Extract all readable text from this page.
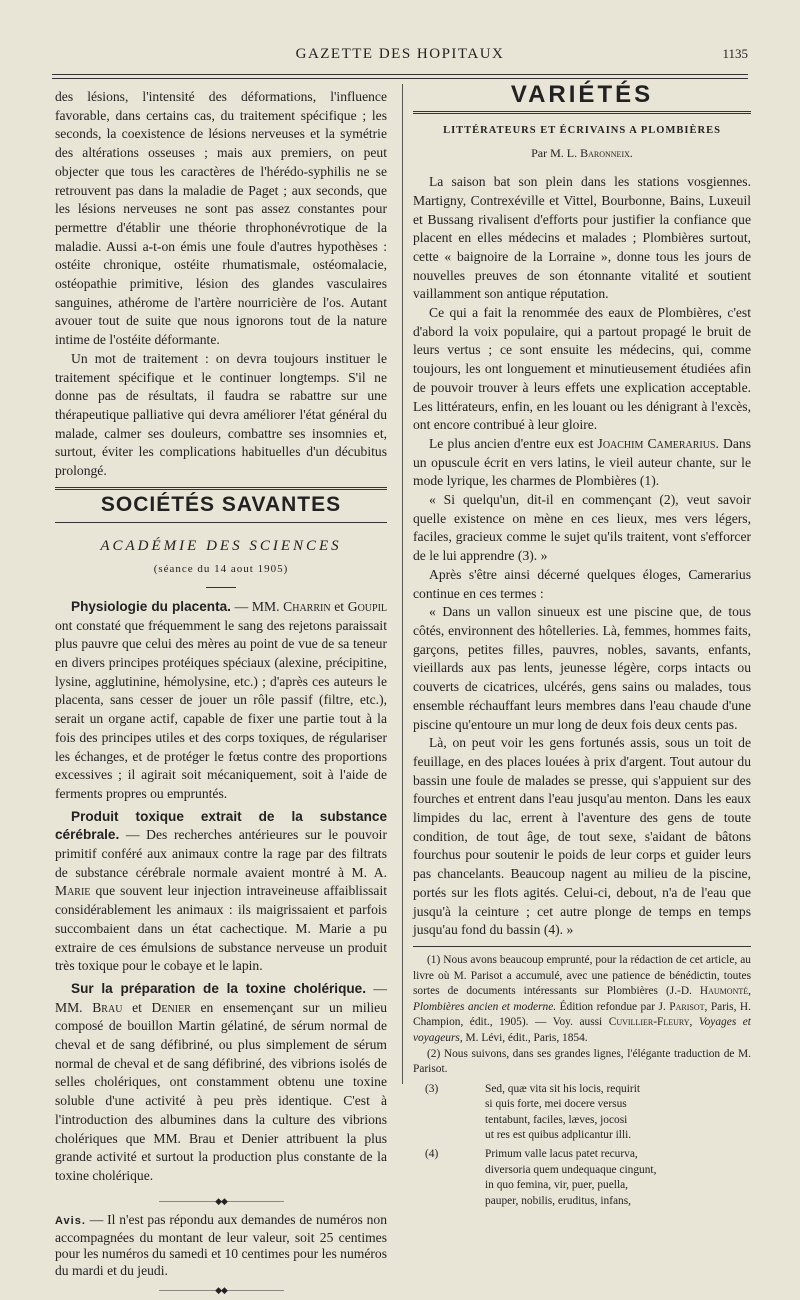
GAZETTE DES HOPITAUX	1135

des lésions, l'intensité des déformations, l'influence favorable, dans certains cas, du traitement spécifique ; les seconds, la coexistence de lésions nerveuses et la symétrie des altérations osseuses ; mais aux premiers, on peut objecter que tous les caractères de l'hérédo-syphilis ne se retrouvent pas dans la maladie de Paget ; aux seconds, que les lésions nerveuses ne sont pas assez constantes pour permettre d'établir une théorie throphonévrotique de la maladie. Aussi a-t-on émis une foule d'autres hypothèses : ostéite chronique, ostéite rhumatismale, ostéomalacie, ostéopathie primitive, lésion des glandes vasculaires sanguines, athérome de l'artère nourricière de l'os. Autant avouer tout de suite que nous ignorons tout de la nature intime de l'ostéite déformante.

Un mot de traitement : on devra toujours instituer le traitement spécifique et le continuer longtemps. S'il ne donne pas de résultats, il faudra se rabattre sur une thérapeutique palliative qui devra améliorer l'état général du malade, calmer ses douleurs, combattre ses insomnies et, surtout, éviter les complications habituelles d'un décubitus prolongé.

SOCIÉTÉS SAVANTES
ACADÉMIE DES SCIENCES
(séance du 14 aout 1905)

Physiologie du placenta. — MM. Charrin et Goupil ont constaté que fréquemment le sang des rejetons paraissait plus pauvre que celui des mères au point de vue de sa teneur en divers principes protéiques spéciaux (alexine, précipitine, lysine, agglutinine, hémolysine, etc.) ; d'après ces auteurs le placenta, sans cesser de jouer un rôle passif (filtre, etc.), serait un organe actif, capable de fixer une partie tout à la fois des principes utiles et des corps toxiques, de régulariser les échanges, et de protéger le fœtus contre des proportions excessives ; il agirait soit mécaniquement, soit à l'aide de ferments propres ou empruntés.

Produit toxique extrait de la substance cérébrale. — Des recherches antérieures sur le pouvoir primitif conféré aux animaux contre la rage par des filtrats de substance cérébrale normale avaient montré à M. A. Marie que souvent leur injection intraveineuse affaiblissait considérablement les animaux : ils maigrissaient et parfois succombaient dans un état cachectique. M. Marie a pu extraire de ces émulsions de substance nerveuse un produit très toxique pour le cobaye et le lapin.

Sur la préparation de la toxine cholérique. — MM. Brau et Denier en ensemençant sur un milieu composé de bouillon Martin gélatiné, de sérum normal de cheval et de sang défibriné, ou plus simplement de sérum normal de cheval et de sang défibriné, des vibrions isolés de selles cholériques, ont constamment obtenu une toxine soluble d'une activité à peu près identique. C'est à l'introduction des albumines dans la culture des vibrions cholériques que MM. Brau et Denier attribuent la plus grande activité et surtout la production plus constante de la toxine cholérique.

―――――――◆◆―――――――

Avis. — Il n'est pas répondu aux demandes de numéros non accompagnées du montant de leur valeur, soit 25 centimes pour les numéros du samedi et 10 centimes pour les numéros du mardi et du jeudi.

―――――――◆◆―――――――
VARIÉTÉS
LITTÉRATEURS ET ÉCRIVAINS A PLOMBIÈRES
Par M. L. Baronneix.

La saison bat son plein dans les stations vosgiennes. Martigny, Contrexéville et Vittel, Bourbonne, Bains, Luxeuil et Bussang rivalisent d'efforts pour justifier la confiance que placent en elles médecins et malades ; Plombières surtout, cette « baignoire de la Lorraine », donne tous les jours de nouvelles preuves de son étonnante vitalité et soutient vaillamment son antique réputation.

Ce qui a fait la renommée des eaux de Plombières, c'est d'abord la voix populaire, qui a partout propagé le bruit de leurs vertus ; ce sont ensuite les médecins, qui, comme toujours, les ont longuement et minutieusement étudiées afin de pouvoir trouver à leurs effets une explication acceptable. Les littérateurs, enfin, en les louant ou les dénigrant à l'excès, ont encore contribué à leur gloire.

Le plus ancien d'entre eux est Joachim Camerarius. Dans un opuscule écrit en vers latins, le vieil auteur chante, sur le mode lyrique, les charmes de Plombières (1).

« Si quelqu'un, dit-il en commençant (2), veut savoir quelle existence on mène en ces lieux, mes vers légers, faciles, gracieux comme le sujet qu'ils traitent, vont s'efforcer de le lui apprendre (3). »

Après s'être ainsi décerné quelques éloges, Camerarius continue en ces termes :

« Dans un vallon sinueux est une piscine que, de tous côtés, environnent des hôtelleries. Là, femmes, hommes faits, garçons, petites filles, pauvres, nobles, savants, enfants, vieillards aux pas lents, jeunesse légère, corps intacts ou couverts de cicatrices, ulcérés, gens sains ou malades, tous ensemble réchauffant leurs membres dans l'eau chaude d'une piscine qu'entoure un mur long de deux fois deux cents pas.

Là, on peut voir les gens fortunés assis, sous un toit de feuillage, en des places louées à prix d'argent. Tout autour du bassin une foule de malades se presse, qui s'appuient sur des fourches et entrent dans l'eau jusqu'au menton. Dans les eaux limpides du lac, errent à l'aventure des gens de toute condition, de tout âge, de tout sexe, s'aidant de bâtons fourchus pour soutenir le poids de leur corps et guider leurs pas chancelants. Beaucoup nagent au milieu de la piscine, portés sur les flots agités. Celui-ci, debout, n'a de l'eau que jusqu'à la ceinture ; cet autre plonge de temps en temps jusqu'au fond du bassin (4). »

(1) Nous avons beaucoup emprunté, pour la rédaction de cet article, au livre où M. Parisot a accumulé, avec une patience de bénédictin, toutes sortes de documents intéressants sur Plombières (J.-D. Haumonté, Plombières ancien et moderne. Édition refondue par J. Parisot, Paris, H. Champion, édit., 1905). — Voy. aussi Cuvillier-Fleury, Voyages et voyageurs, M. Lévi, édit., Paris, 1854.

(2) Nous suivons, dans ses grandes lignes, l'élégante traduction de M. Parisot.

(3)	Sed, quæ vita sit his locis, requirit
si quis forte, mei docere versus
tentabunt, faciles, læves, jocosi
ut res est quibus adplicantur illi.
(4)	Primum valle lacus patet recurva,
diversoria quem undequaque cingunt,
in quo femina, vir, puer, puella,
pauper, nobilis, eruditus, infans,
